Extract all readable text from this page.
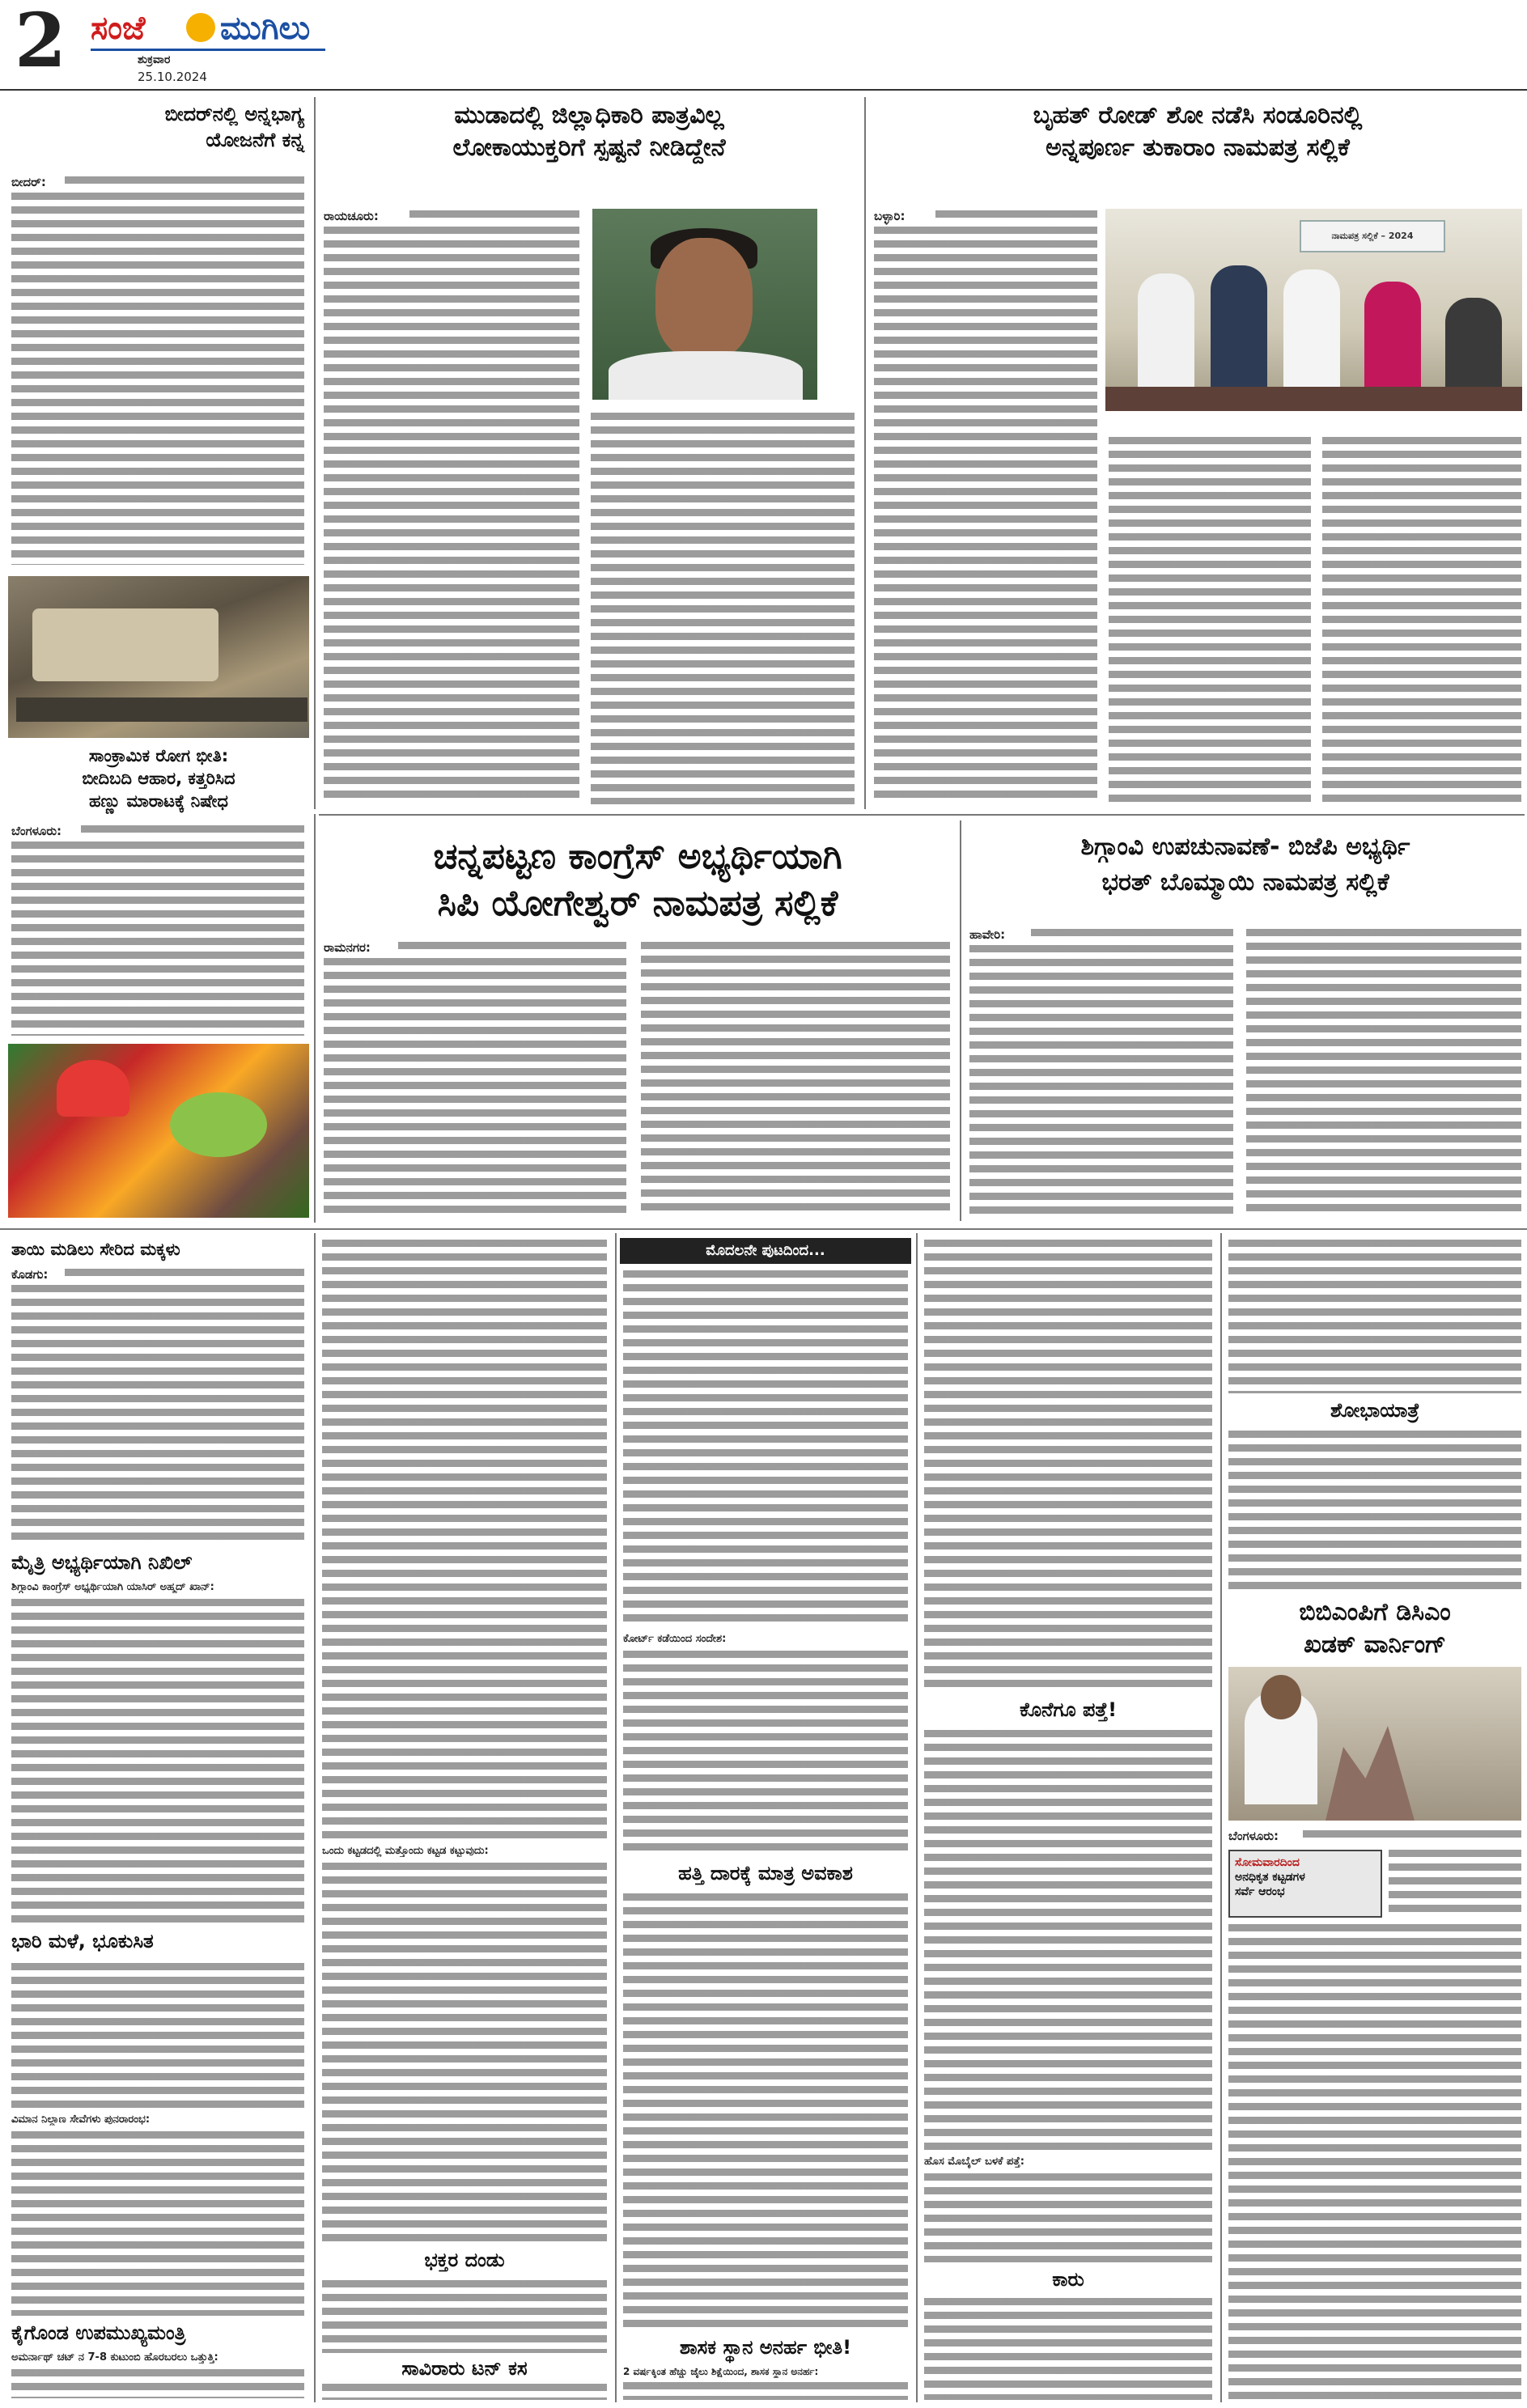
2 ಸಂಜೆ ಮುಗಿಲು
ಶುಕ್ರವಾರ
25.10.2024
ಬೀದರ್‌ನಲ್ಲಿ ಅನ್ನಭಾಗ್ಯ
ಯೋಜನೆಗೆ ಕನ್ನ
ಬೀದರ್:
ಸಾಂಕ್ರಾಮಿಕ ರೋಗ ಭೀತಿ:
ಬೀದಿಬದಿ ಆಹಾರ, ಕತ್ತರಿಸಿದ
ಹಣ್ಣು ಮಾರಾಟಕ್ಕೆ ನಿಷೇಧ
ಬೆಂಗಳೂರು:
ಮುಡಾದಲ್ಲಿ ಜಿಲ್ಲಾಧಿಕಾರಿ ಪಾತ್ರವಿಲ್ಲ
ಲೋಕಾಯುಕ್ತರಿಗೆ ಸ್ಪಷ್ಟನೆ ನೀಡಿದ್ದೇನೆ
ರಾಯಚೂರು:
ಬೃಹತ್ ರೋಡ್ ಶೋ ನಡೆಸಿ ಸಂಡೂರಿನಲ್ಲಿ
ಅನ್ನಪೂರ್ಣ ತುಕಾರಾಂ ನಾಮಪತ್ರ ಸಲ್ಲಿಕೆ
ಬಳ್ಳಾರಿ:
ನಾಮಪತ್ರ ಸಲ್ಲಿಕೆ – 2024
ಚನ್ನಪಟ್ಟಣ ಕಾಂಗ್ರೆಸ್ ಅಭ್ಯರ್ಥಿಯಾಗಿ
ಸಿಪಿ ಯೋಗೇಶ್ವರ್ ನಾಮಪತ್ರ ಸಲ್ಲಿಕೆ
ರಾಮನಗರ:
ಶಿಗ್ಗಾಂವಿ ಉಪಚುನಾವಣೆ- ಬಿಜೆಪಿ ಅಭ್ಯರ್ಥಿ
ಭರತ್ ಬೊಮ್ಮಾಯಿ ನಾಮಪತ್ರ ಸಲ್ಲಿಕೆ
ಹಾವೇರಿ:
ತಾಯಿ ಮಡಿಲು ಸೇರಿದ ಮಕ್ಕಳು
ಕೊಡಗು:
ಮೈತ್ರಿ ಅಭ್ಯರ್ಥಿಯಾಗಿ ನಿಖಿಲ್
ಶಿಗ್ಗಾಂವಿ ಕಾಂಗ್ರೆಸ್ ಅಭ್ಯರ್ಥಿಯಾಗಿ ಯಾಸಿರ್ ಅಹ್ಮದ್ ಖಾನ್:
ಭಾರಿ ಮಳೆ, ಭೂಕುಸಿತ
ವಿಮಾನ ನಿಲ್ದಾಣ ಸೇವೆಗಳು ಪುನರಾರಂಭ:
ಕೈಗೊಂಡ ಉಪಮುಖ್ಯಮಂತ್ರಿ
ಅಮರ್ನಾಥ್ ಚಟ್ ನ 7-8 ಕುಟುಂಬಿ ಹೊರಬರಲು ಒತ್ತುತ್ತಿ:
ಒಂದು ಕಟ್ಟಡದಲ್ಲಿ ಮತ್ತೊಂದು ಕಟ್ಟಡ ಕಟ್ಟುವುದು:
ಭಕ್ತರ ದಂಡು
ಸಾವಿರಾರು ಟನ್ ಕಸ
ಮೊದಲನೇ ಪುಟದಿಂದ...
ಕೋರ್ಟ್ ಕಡೆಯಿಂದ ಸಂದೇಶ:
ಹತ್ತಿ ದಾರಕ್ಕೆ ಮಾತ್ರ ಅವಕಾಶ
ಶಾಸಕ ಸ್ಥಾನ ಅನರ್ಹ ಭೀತಿ!
2 ವರ್ಷಕ್ಕಿಂತ ಹೆಚ್ಚು ಜೈಲು ಶಿಕ್ಷೆಯಿಂದ, ಶಾಸಕ ಸ್ಥಾನ ಅನರ್ಹ:
ಕೊನೆಗೂ ಪತ್ತೆ!
ಹೊಸ ಮೊಬೈಲ್ ಬಳಕೆ ಪತ್ತೆ:
ಕಾರು
ಶೋಭಾಯಾತ್ರೆ
ಬಿಬಿಎಂಪಿಗೆ ಡಿಸಿಎಂ
ಖಡಕ್ ವಾರ್ನಿಂಗ್
ಬೆಂಗಳೂರು:
ಸೋಮವಾರದಿಂದ
ಅನಧಿಕೃತ ಕಟ್ಟಡಗಳ
ಸರ್ವೆ ಆರಂಭ
